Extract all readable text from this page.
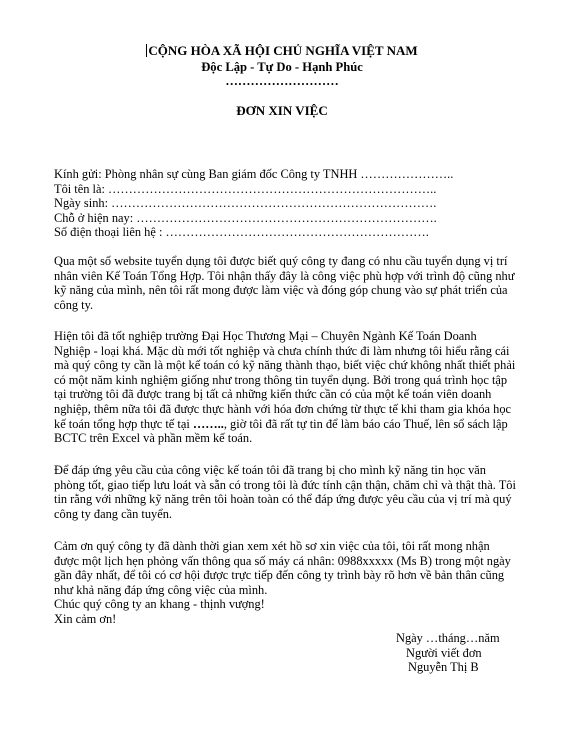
CỘNG HÒA XÃ HỘI CHỦ NGHĨA VIỆT NAM
Độc Lập - Tự Do - Hạnh Phúc
………………………
ĐƠN XIN VIỆC
Kính gửi: Phòng nhân sự cùng Ban giám đốc Công ty TNHH …………………..
Tôi tên là: ……………………………………………………………………..
Ngày sinh: …………………………………………………………………….
Chỗ ở hiện nay: ……………………………………………………………….
Số điện thoại liên hệ : ……………………………………………………….
Qua một số website tuyển dụng tôi được biết quý công ty đang có nhu cầu tuyển dụng vị trí nhân viên Kế Toán Tổng Hợp. Tôi nhận thấy đây là công việc phù hợp với trình độ cũng như kỹ năng của mình, nên tôi rất mong được làm việc và đóng góp chung vào sự phát triển của công ty.
Hiện tôi đã tốt nghiệp trường Đại Học Thương Mại – Chuyên Ngành Kế Toán Doanh Nghiệp - loại khá. Mặc dù mới tốt nghiệp và chưa chính thức đi làm nhưng tôi hiểu rằng cái mà quý công ty cần là một kế toán có kỹ năng thành thạo, biết việc chứ không nhất thiết phải có một năm kinh nghiệm giống như trong thông tin tuyển dụng. Bởi trong quá trình học tập tại trường tôi đã được trang bị tất cả những kiến thức cần có của một kế toán viên doanh nghiệp, thêm nữa tôi đã được thực hành với hóa đơn chứng từ thực tế khi tham gia khóa học kế toán tổng hợp thực tế tại …….., giờ tôi đã rất tự tin để làm báo cáo Thuế, lên sổ sách lập BCTC trên Excel và phần mềm kế toán.
Để đáp ứng yêu cầu của công việc kế toán tôi đã trang bị cho mình kỹ năng tin học văn phòng tốt, giao tiếp lưu loát và sẵn có trong tôi là đức tính cận thận, chăm chỉ và thật thà. Tôi tin rằng với những kỹ năng trên tôi hoàn toàn có thể đáp ứng được yêu cầu của vị trí mà quý công ty đang cần tuyển.
Cảm ơn quý công ty đã dành thời gian xem xét hồ sơ xin việc của tôi, tôi rất mong nhận được một lịch hẹn phỏng vấn thông qua số máy cá nhân: 0988xxxxx (Ms B) trong một ngày gần đây nhất, để tôi có cơ hội được trực tiếp đến công ty trình bày rõ hơn về bản thân cũng như khả năng đáp ứng công việc của mình.
Chúc quý công ty an khang - thịnh vượng!
Xin cảm ơn!
Ngày …tháng…năm
Người viết đơn
Nguyễn Thị B
